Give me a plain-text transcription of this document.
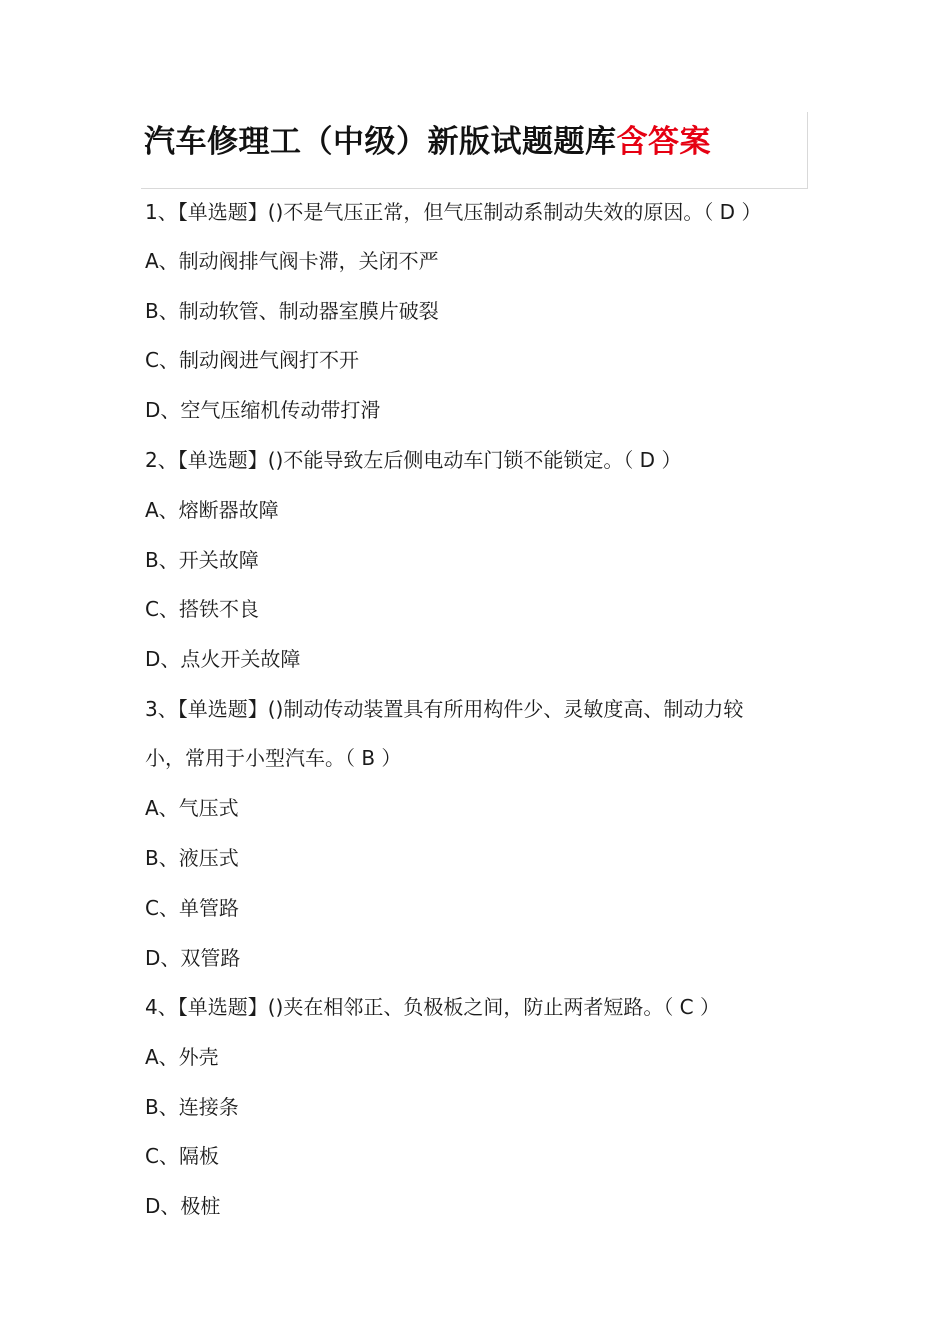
汽车修理工（中级）新版试题题库含答案
1、【单选题】()不是气压正常，但气压制动系制动失效的原因。（ D ）
A、制动阀排气阀卡滞，关闭不严
B、制动软管、制动器室膜片破裂
C、制动阀进气阀打不开
D、空气压缩机传动带打滑
2、【单选题】()不能导致左后侧电动车门锁不能锁定。（ D ）
A、熔断器故障
B、开关故障
C、搭铁不良
D、点火开关故障
3、【单选题】()制动传动装置具有所用构件少、灵敏度高、制动力较
小，常用于小型汽车。（ B ）
A、气压式
B、液压式
C、单管路
D、双管路
4、【单选题】()夹在相邻正、负极板之间，防止两者短路。（ C ）
A、外壳
B、连接条
C、隔板
D、极桩
